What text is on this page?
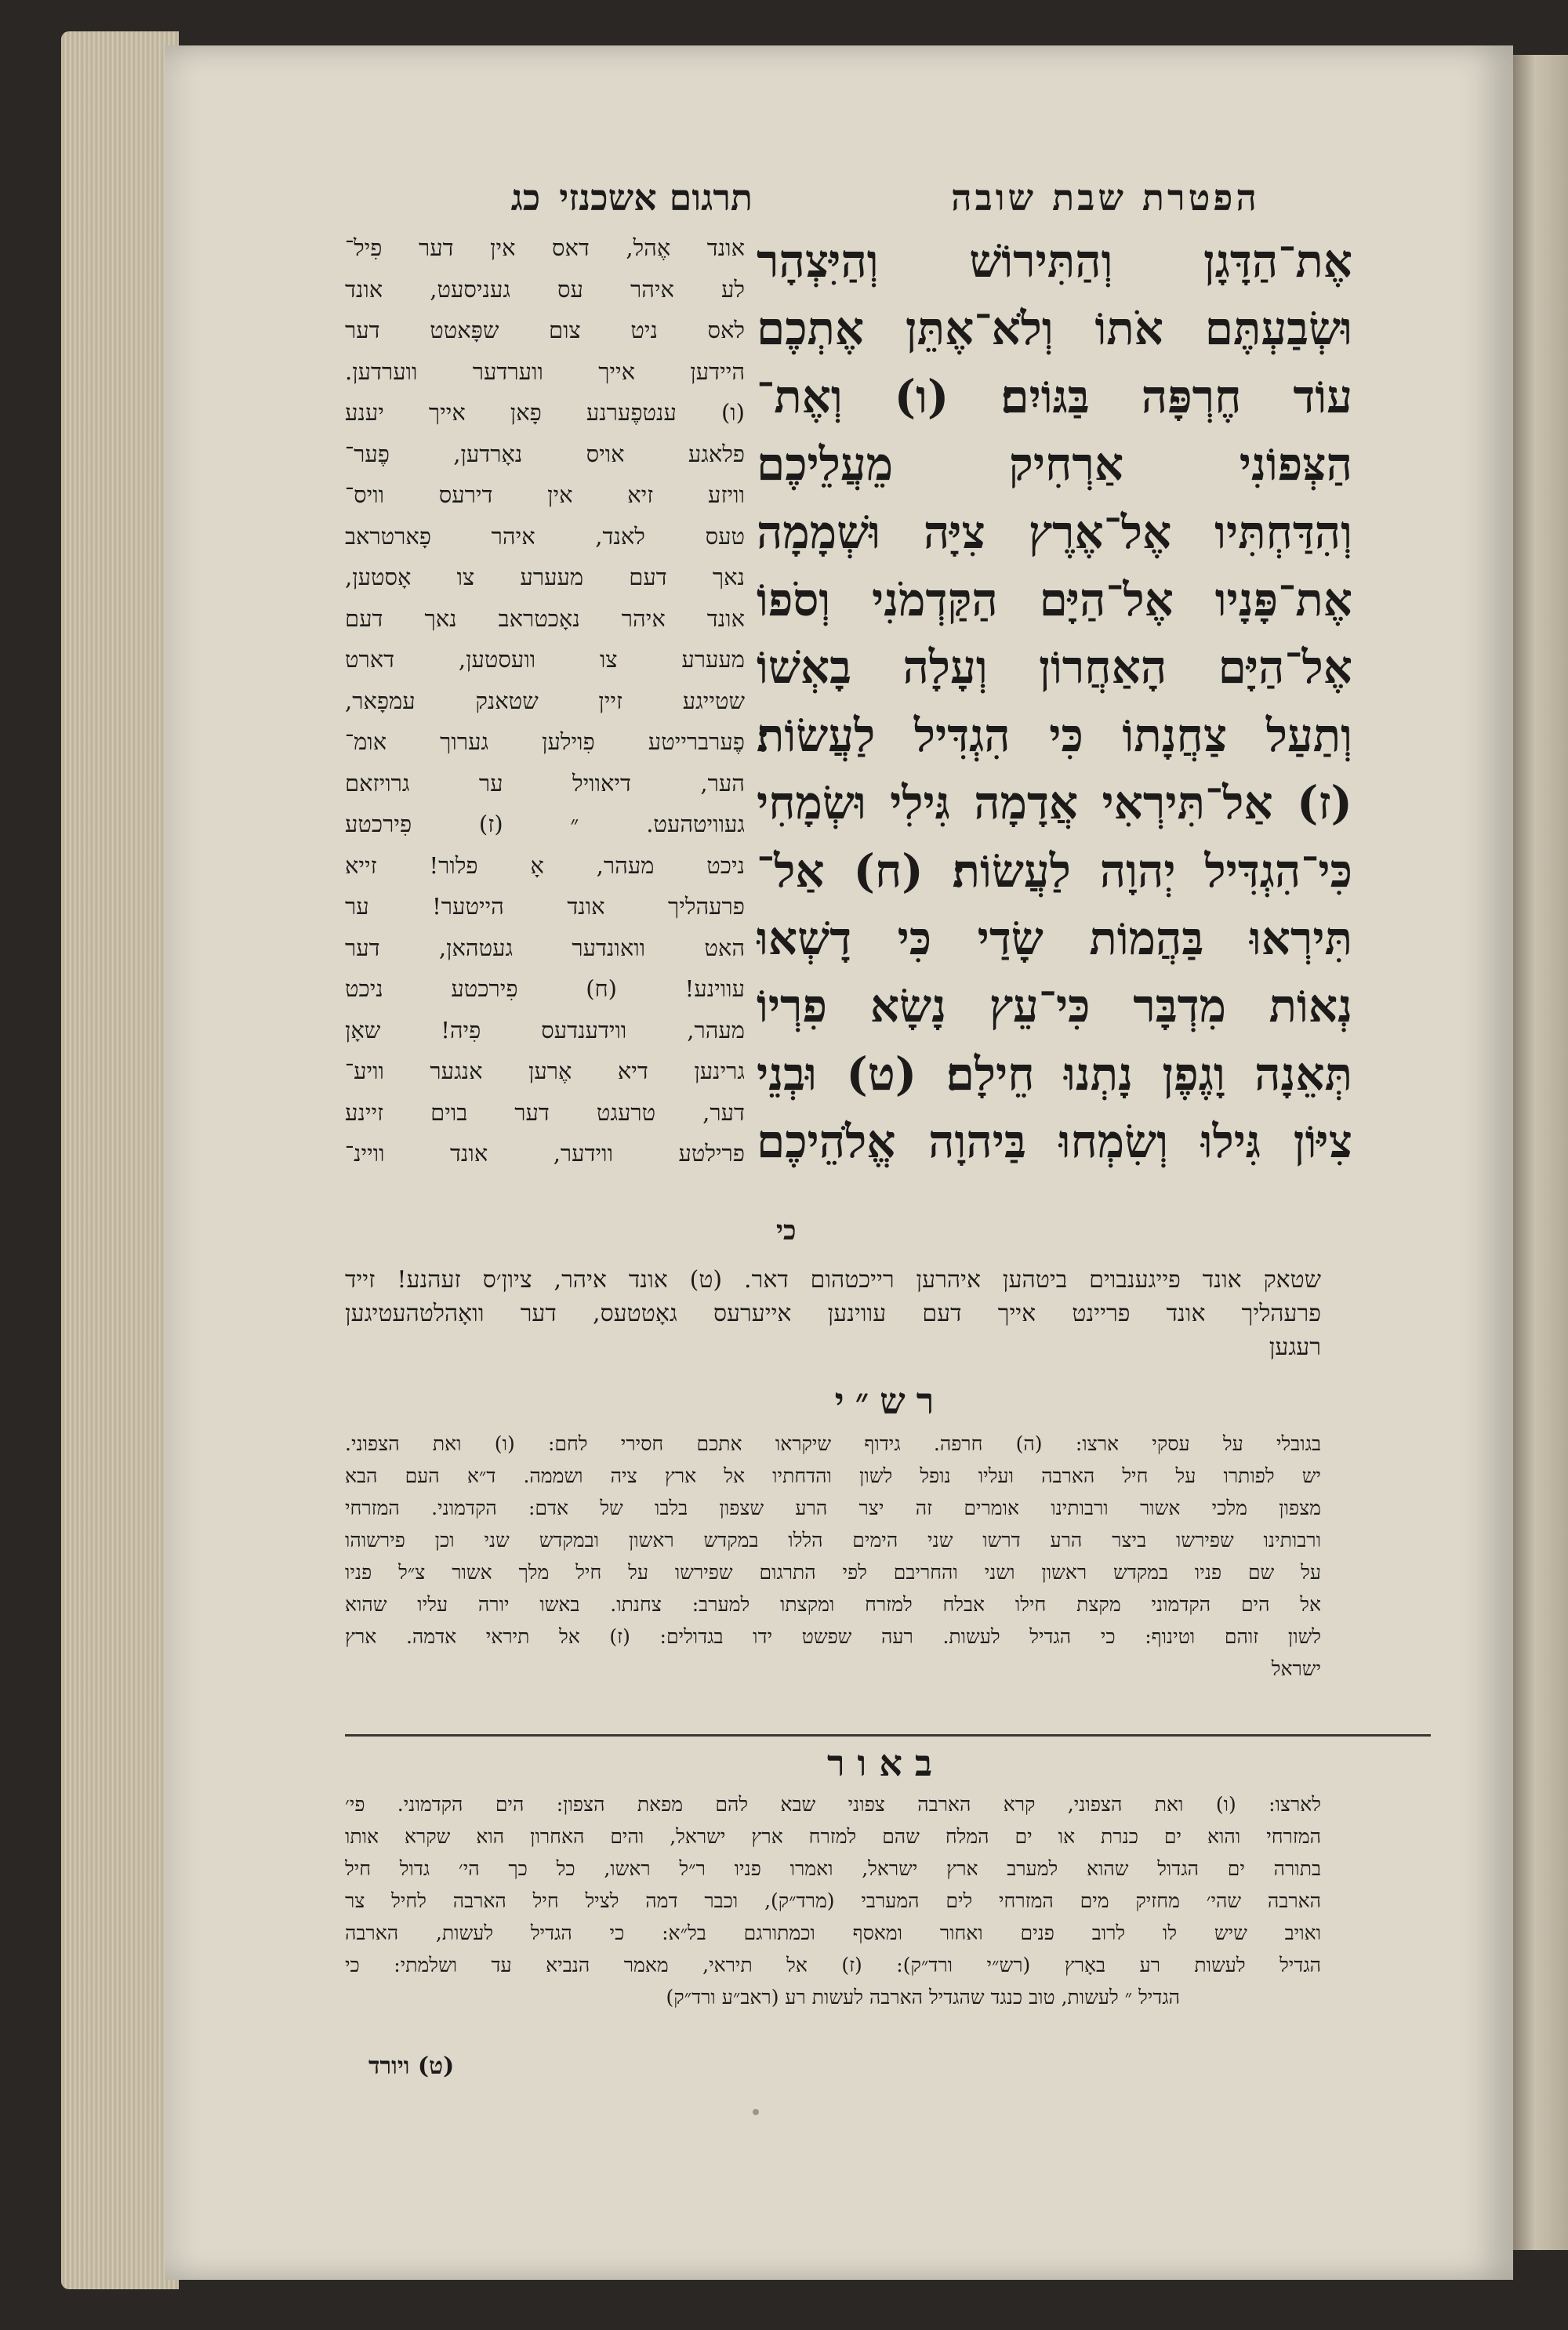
הפטרת שבת שובה
תרגום אשכנזיכג
אֶת־הַדָּגָן וְהַתִּירוֹשׁ וְהַיִּצְהָר
וּשְׂבַעְתֶּם אֹתוֹ וְלֹא־אֶתֵּן אֶתְכֶם
עוֹד חֶרְפָּה בַּגּוֹיִם׃ (ו) וְאֶת־
הַצְּפוֹנִי אַרְחִיק מֵעֲלֵיכֶם
וְהִדַּחְתִּיו אֶל־אֶרֶץ צִיָּה וּשְׁמָמָה
אֶת־פָּנָיו אֶל־הַיָּם הַקַּדְמֹנִי וְסֹפוֹ
אֶל־הַיָּם הָאַחֲרוֹן וְעָלָה בָאְשׁוֹ
וְתַעַל צַחֲנָתוֹ כִּי הִגְדִּיל לַעֲשׂוֹת׃
(ז) אַל־תִּירְאִי אֲדָמָה גִּילִי וּשְׂמָחִי
כִּי־הִגְדִּיל יְהוָה לַעֲשׂוֹת׃ (ח) אַל־
תִּירְאוּ בַּהֲמוֹת שָׂדַי כִּי דָשְׁאוּ
נְאוֹת מִדְבָּר כִּי־עֵץ נָשָׂא פִרְיוֹ
תְּאֵנָה וָגֶפֶן נָתְנוּ חֵילָם׃ (ט) וּבְנֵי
צִיּוֹן גִּילוּ וְשִׂמְחוּ בַּיהוָה אֱלֹהֵיכֶם
כי
אונד אֶהל, דאס אין דער פִיל־
לע איהר עס געניסעט, אונד
לאס ניט צום שפָּאטט דער
היידען אייך ווערדער ווערדען.
(ו) ענטפֶערנע פָאן אייך יענע
פלאגע אויס נאָרדען, פֶער־
וויזע זיא אין דירעס וויס־
טעס לאנד, איהר פָארטראב
נאך דעם מעערע צו אָסטען,
אונד איהר נאָכטראב נאך דעם
מעערע צו וועסטען, דארט
שטייגע זיין שטאנק עמפָאר,
פֶערברייטע פִוילען גערוך אומ־
הער, דיאוויל ער גרויזאם
געוויטהעט. ״ (ז) פִירכטע
ניכט מעהר, אָ פלור! זייא
פרעהליך אונד הייטער! ער
האט וואונדער געטהאן, דער
עווינע! (ח) פִירכטע ניכט
מעהר, ווידענדעס פִיה! שאָן
גרינען דיא אֶרען אנגער וויע־
דער, טרעגט דער בוים זיינע
פרילטע ווידער, אונד וויינ־
שטאק אונד פייגענבוים ביטהען איהרען רייכטהום דאר. (ט) אונד איהר, ציון׳ס זעהנע! זייד
פרעהליך אונד פריינט אייך דעם עווינען אייערעס גאָטטעס, דער וואָהלטהעטיגען
רעגען
רש״י
בגובלי על עסקי ארצו: (ה) חרפה. גידוף שיקראו אתכם חסירי לחם: (ו) ואת הצפוני.
יש לפותרו על חיל הארבה ועליו נופל לשון והדחתיו אל ארץ ציה ושממה. ד״א העם הבא
מצפון מלכי אשור ורבותינו אומרים זה יצר הרע שצפון בלבו של אדם: הקדמוני. המזרחי
ורבותינו שפירשו ביצר הרע דרשו שני הימים הללו במקדש ראשון ובמקדש שני וכן פירשוהו
על שם פניו במקדש ראשון ושני והחריבם לפי התרגום שפירשו על חיל מלך אשור צ״ל פניו
אל הים הקדמוני מקצת חילו אבלח למזרח ומקצתו למערב: צחנתו. באשו יורה עליו שהוא
לשון זוהם וטינוף: כי הגדיל לעשות. רעה שפשט ידו בגדולים: (ז) אל תיראי אדמה. ארץ
ישראל
באור
לארצו: (ו) ואת הצפוני, קרא הארבה צפוני שבא להם מפאת הצפון: הים הקדמוני. פי׳
המזרחי והוא ים כנרת או ים המלח שהם למזרח ארץ ישראל, והים האחרון הוא שקרא אותו
בתורה ים הגדול שהוא למערב ארץ ישראל, ואמרו פניו ר״ל ראשו, כל כך הי׳ גדול חיל
הארבה שהי׳ מחזיק מים המזרחי לים המערבי (מרד״ק), וכבר דמה לציל חיל הארבה לחיל צר
ואויב שיש לו לרוב פנים ואחור ומאסף וכמתורגם בל״א: כי הגדיל לעשות, הארבה
הגדיל לעשות רע באָרץ (רש״י ורד״ק): (ז) אל תיראי, מאמר הנביא עד ושלמתי: כי
הגדיל ״ לעשות, טוב כנגד שהגדיל הארבה לעשות רע (ראב״ע ורד״ק)
(ט) ויורד
